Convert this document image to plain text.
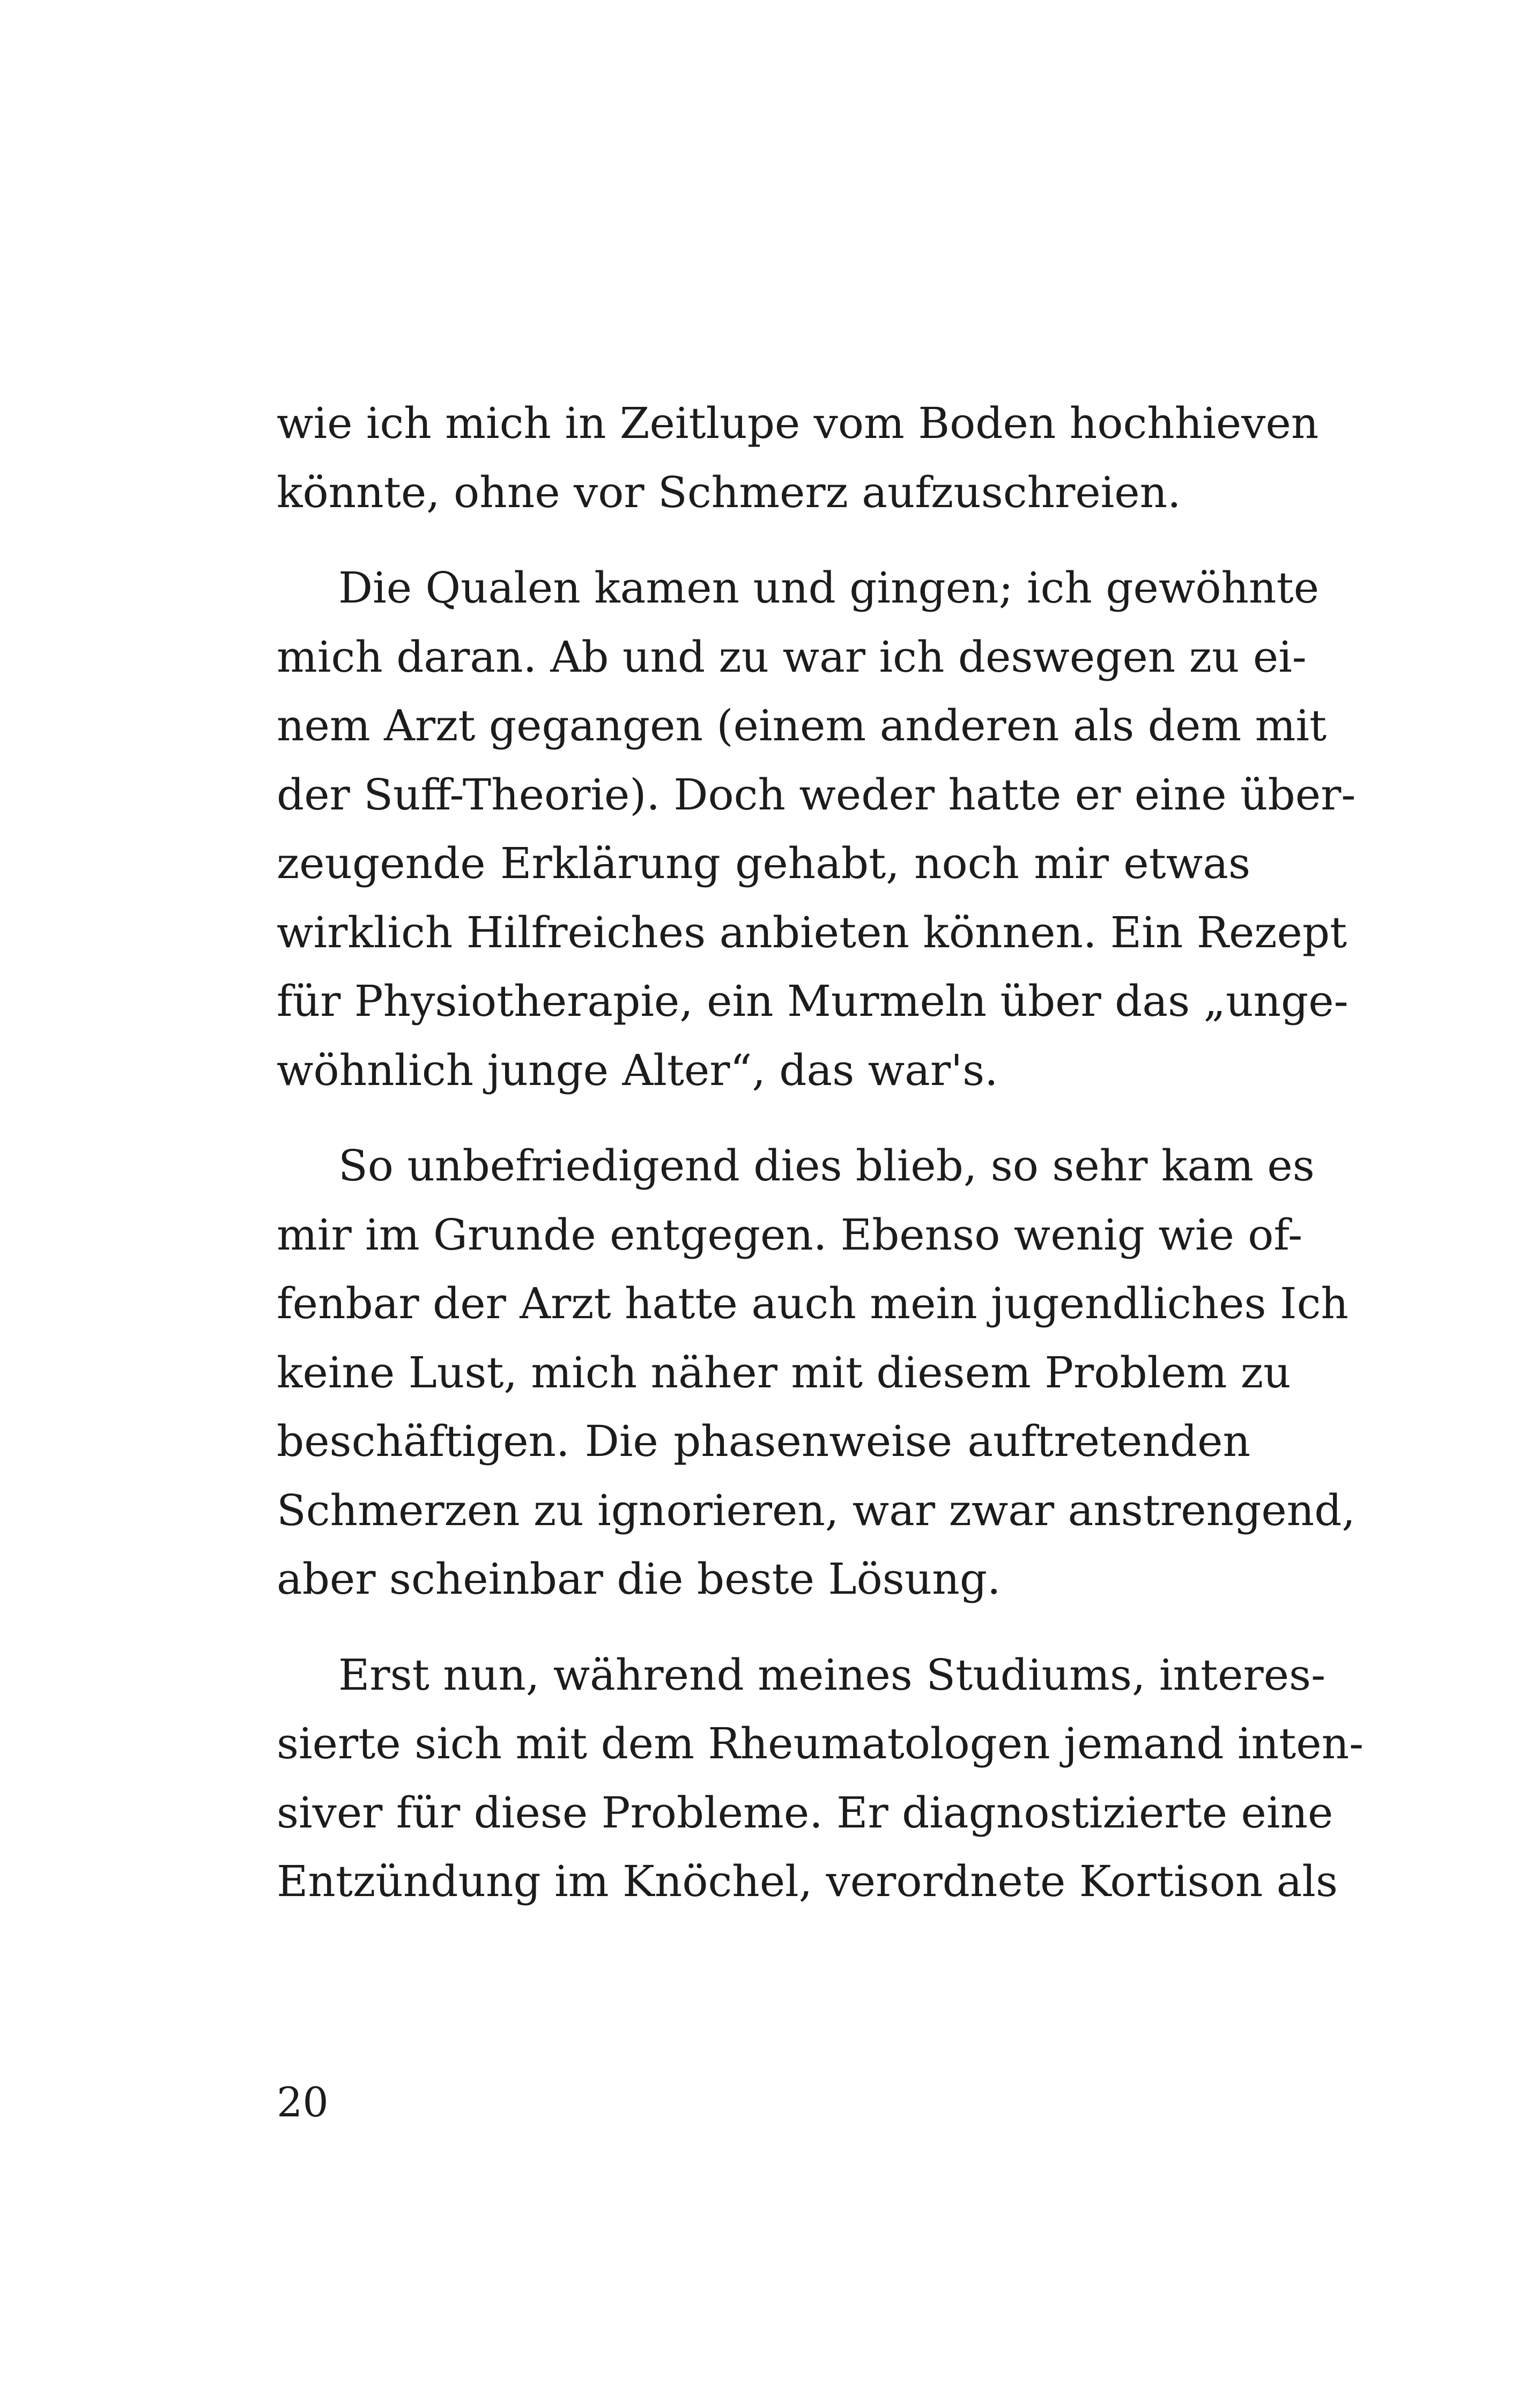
wie ich mich in Zeitlupe vom Boden hochhieven
könnte, ohne vor Schmerz aufzuschreien.

Die Qualen kamen und gingen; ich gewöhnte
mich daran. Ab und zu war ich deswegen zu ei-
nem Arzt gegangen (einem anderen als dem mit
der Suff-Theorie). Doch weder hatte er eine über-
zeugende Erklärung gehabt, noch mir etwas
wirklich Hilfreiches anbieten können. Ein Rezept
für Physiotherapie, ein Murmeln über das „unge-
wöhnlich junge Alter“, das war's.

So unbefriedigend dies blieb, so sehr kam es
mir im Grunde entgegen. Ebenso wenig wie of-
fenbar der Arzt hatte auch mein jugendliches Ich
keine Lust, mich näher mit diesem Problem zu
beschäftigen. Die phasenweise auftretenden
Schmerzen zu ignorieren, war zwar anstrengend,
aber scheinbar die beste Lösung.

Erst nun, während meines Studiums, interes-
sierte sich mit dem Rheumatologen jemand inten-
siver für diese Probleme. Er diagnostizierte eine
Entzündung im Knöchel, verordnete Kortison als

20
